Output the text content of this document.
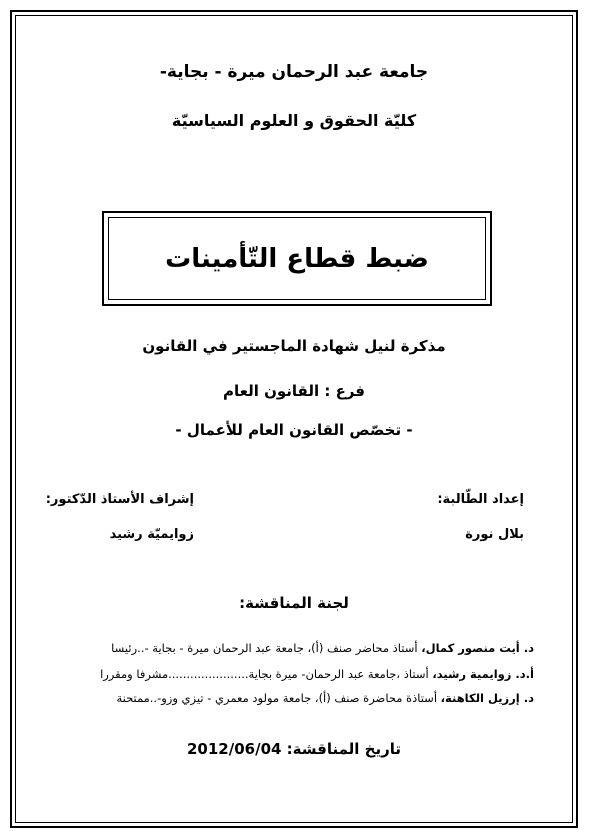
جامعة عبد الرحمان ميرة - بجاية-
كليّة الحقوق و العلوم السياسيّة
ضبط قطاع التّأمينات
مذكرة لنيل شهادة الماجستير في القانون
فرع : القانون العام
- تخصّص القانون العام للأعمال -
إعداد الطّالبة:
إشراف الأستاذ الدّكتور:
بلال نورة
زوايميّة رشيد
لجنة المناقشة:
د. أيت منصور كمال، أستاذ محاضر صنف (أ)، جامعة عبد الرحمان ميرة - بجاية -..رئيسا
أ.د. زوايمية رشيد، أستاذ ،جامعة عبد الرحمان- ميرة بجاية......................مشرفا ومقررا
د. إرزيل الكاهنة، أستاذة محاضرة صنف (أ)، جامعة مولود معمري - تيزي وزو-..ممتحنة
تاريخ المناقشة: 2012/06/04
